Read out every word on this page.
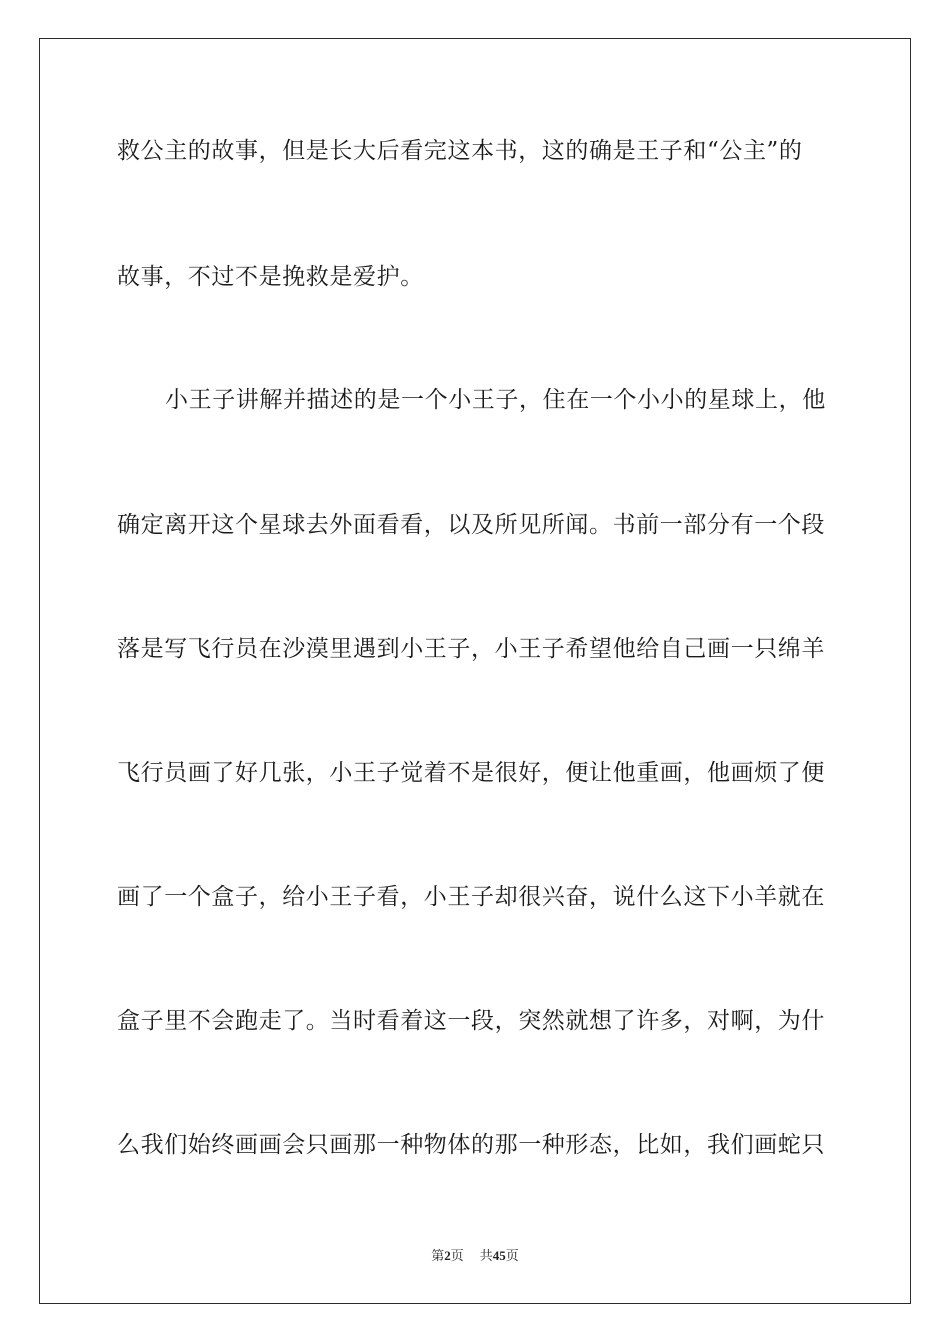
救公主的故事，但是长大后看完这本书，这的确是王子和“公主”的
故事，不过不是挽救是爱护。
小王子讲解并描述的是一个小王子，住在一个小小的星球上，他
确定离开这个星球去外面看看，以及所见所闻。书前一部分有一个段
落是写飞行员在沙漠里遇到小王子，小王子希望他给自己画一只绵羊
飞行员画了好几张，小王子觉着不是很好，便让他重画，他画烦了便
画了一个盒子，给小王子看，小王子却很兴奋，说什么这下小羊就在
盒子里不会跑走了。当时看着这一段，突然就想了许多，对啊，为什
么我们始终画画会只画那一种物体的那一种形态，比如，我们画蛇只
第2页 共45页
